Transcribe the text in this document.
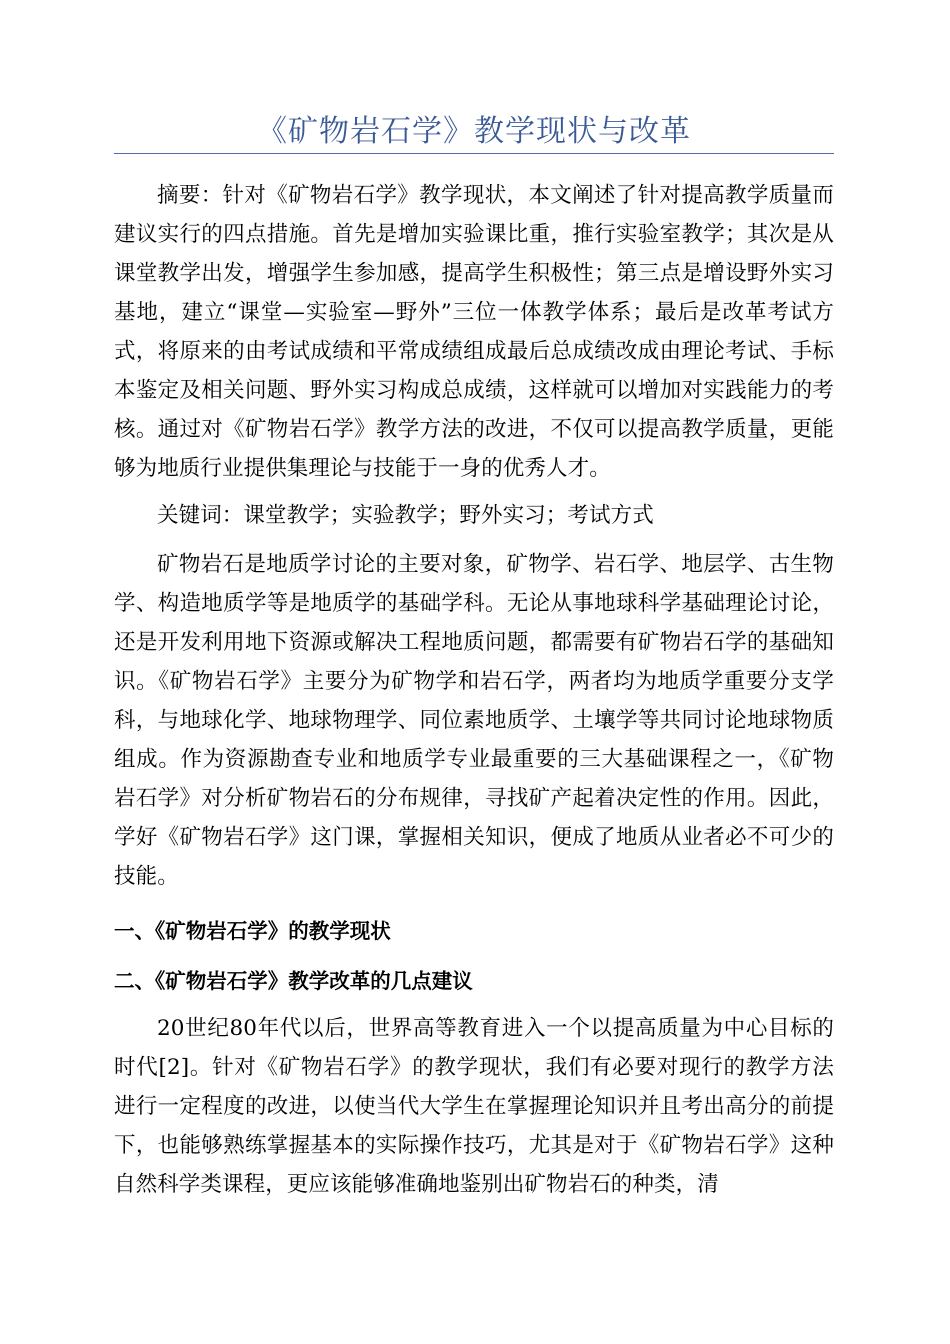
《矿物岩石学》教学现状与改革

摘要：针对《矿物岩石学》教学现状，本文阐述了针对提高教学质量而建议实行的四点措施。首先是增加实验课比重，推行实验室教学；其次是从课堂教学出发，增强学生参加感，提高学生积极性；第三点是增设野外实习基地，建立“课堂—实验室—野外”三位一体教学体系；最后是改革考试方式，将原来的由考试成绩和平常成绩组成最后总成绩改成由理论考试、手标本鉴定及相关问题、野外实习构成总成绩，这样就可以增加对实践能力的考核。通过对《矿物岩石学》教学方法的改进，不仅可以提高教学质量，更能够为地质行业提供集理论与技能于一身的优秀人才。

关键词：课堂教学；实验教学；野外实习；考试方式

矿物岩石是地质学讨论的主要对象，矿物学、岩石学、地层学、古生物学、构造地质学等是地质学的基础学科。无论从事地球科学基础理论讨论，还是开发利用地下资源或解决工程地质问题，都需要有矿物岩石学的基础知识。《矿物岩石学》主要分为矿物学和岩石学，两者均为地质学重要分支学科，与地球化学、地球物理学、同位素地质学、土壤学等共同讨论地球物质组成。作为资源勘查专业和地质学专业最重要的三大基础课程之一，《矿物岩石学》对分析矿物岩石的分布规律，寻找矿产起着决定性的作用。因此，学好《矿物岩石学》这门课，掌握相关知识，便成了地质从业者必不可少的技能。

一、《矿物岩石学》的教学现状
二、《矿物岩石学》教学改革的几点建议

20世纪80年代以后，世界高等教育进入一个以提高质量为中心目标的时代[2]。针对《矿物岩石学》的教学现状，我们有必要对现行的教学方法进行一定程度的改进，以使当代大学生在掌握理论知识并且考出高分的前提下，也能够熟练掌握基本的实际操作技巧，尤其是对于《矿物岩石学》这种自然科学类课程，更应该能够准确地鉴别出矿物岩石的种类，清
